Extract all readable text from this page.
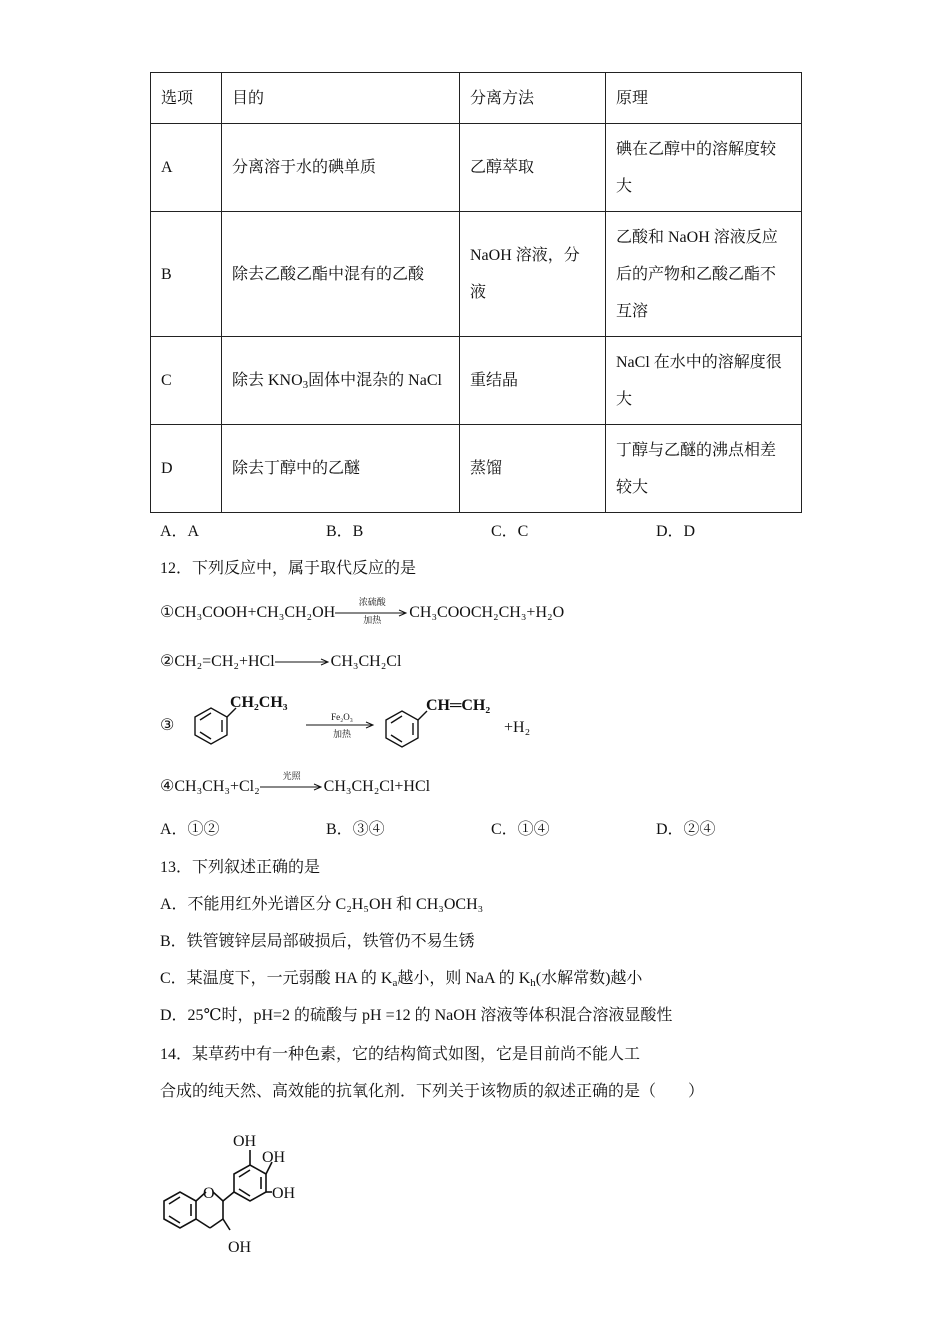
选项	目的	分离方法	原理
A	分离溶于水的碘单质	乙醇萃取	碘在乙醇中的溶解度较
大

B	除去乙酸乙酯中混有的乙酸	NaOH 溶液，分液	乙酸和 NaOH 溶液反应
后的产物和乙酸乙酯不
互溶

C	除去 $KNO_3$固体中混杂的 NaCl	重结晶	NaCl 在水中的溶解度很
大

D	除去丁醇中的乙醚	蒸馏	丁醇与乙醚的沸点相差
较大
A．A	B．B	C．C	D．D
12．下列反应中，属于取代反应的是
①CH₃COOH+CH₃CH₂OH
浓硫酸
加热	CH₃COOCH₂CH₃+H₂O
②CH₂=CH₂+HCl→CH₃CH₂Cl
③
CH₂CH₃
Fe₂O₃
加热
CH═CH₂
+H₂
④CH₃CH₃+Cl₂
光照
CH₃CH₂Cl+HCl
A．①②	B．③④	C．①④	D．②④
13．下列叙述正确的是
A．不能用红外光谱区分 C₂H₅OH 和 CH₃OCH₃
B．铁管镀锌层局部破损后，铁管仍不易生锈
C．某温度下，一元弱酸 HA 的 $K_a$越小，则 NaA 的 $K_h$(水解常数)越小
D．25℃时，pH=2 的硫酸与 pH =12 的 NaOH 溶液等体积混合溶液显酸性
14．某草药中有一种色素，它的结构简式如图，它是目前尚不能人工
合成的纯天然、高效能的抗氧化剂．下列关于该物质的叙述正确的是（　　）
O
OH
OH
OH
OH
